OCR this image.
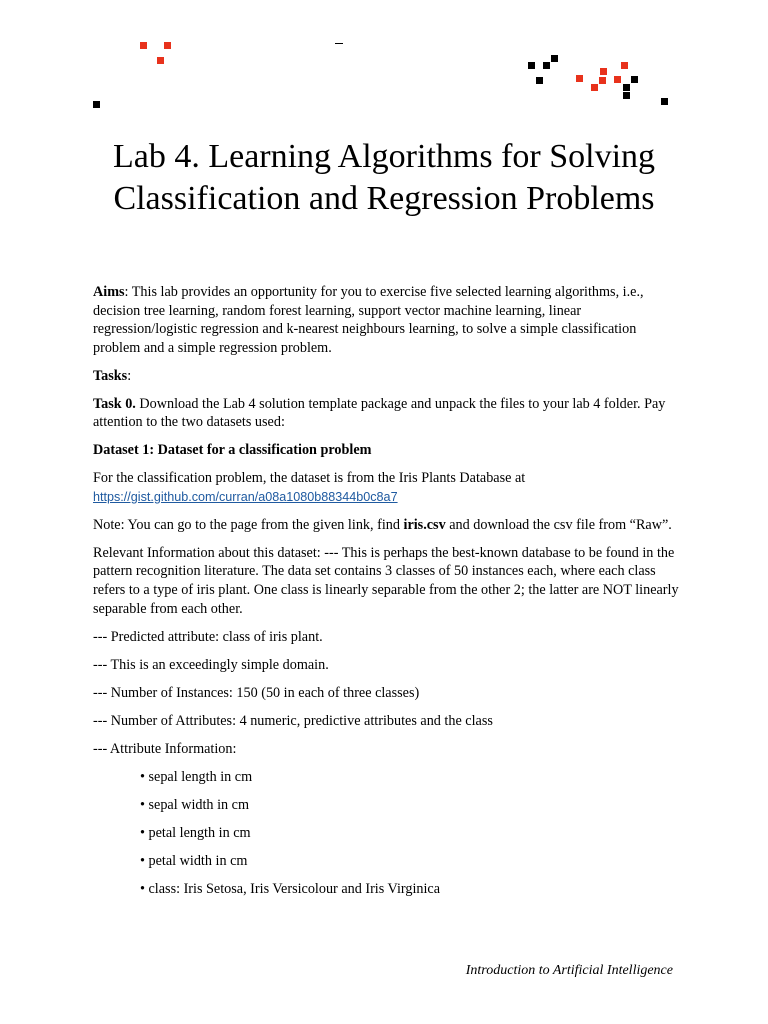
Lab 4. Learning Algorithms for Solving
Classification and Regression Problems

Aims: This lab provides an opportunity for you to exercise five selected learning algorithms, i.e., decision tree learning, random forest learning, support vector machine learning, linear regression/logistic regression and k-nearest neighbours learning, to solve a simple classification problem and a simple regression problem.

Tasks:

Task 0. Download the Lab 4 solution template package and unpack the files to your lab 4 folder. Pay attention to the two datasets used:

Dataset 1: Dataset for a classification problem

For the classification problem, the dataset is from the Iris Plants Database at
https://gist.github.com/curran/a08a1080b88344b0c8a7

Note: You can go to the page from the given link, find iris.csv and download the csv file from “Raw”.

Relevant Information about this dataset: --- This is perhaps the best-known database to be found in the pattern recognition literature. The data set contains 3 classes of 50 instances each, where each class refers to a type of iris plant. One class is linearly separable from the other 2; the latter are NOT linearly separable from each other.

--- Predicted attribute: class of iris plant.

--- This is an exceedingly simple domain.

--- Number of Instances: 150 (50 in each of three classes)

--- Number of Attributes: 4 numeric, predictive attributes and the class

--- Attribute Information:

• sepal length in cm

• sepal width in cm

• petal length in cm

• petal width in cm

• class: Iris Setosa, Iris Versicolour and Iris Virginica

Introduction to Artificial Intelligence
